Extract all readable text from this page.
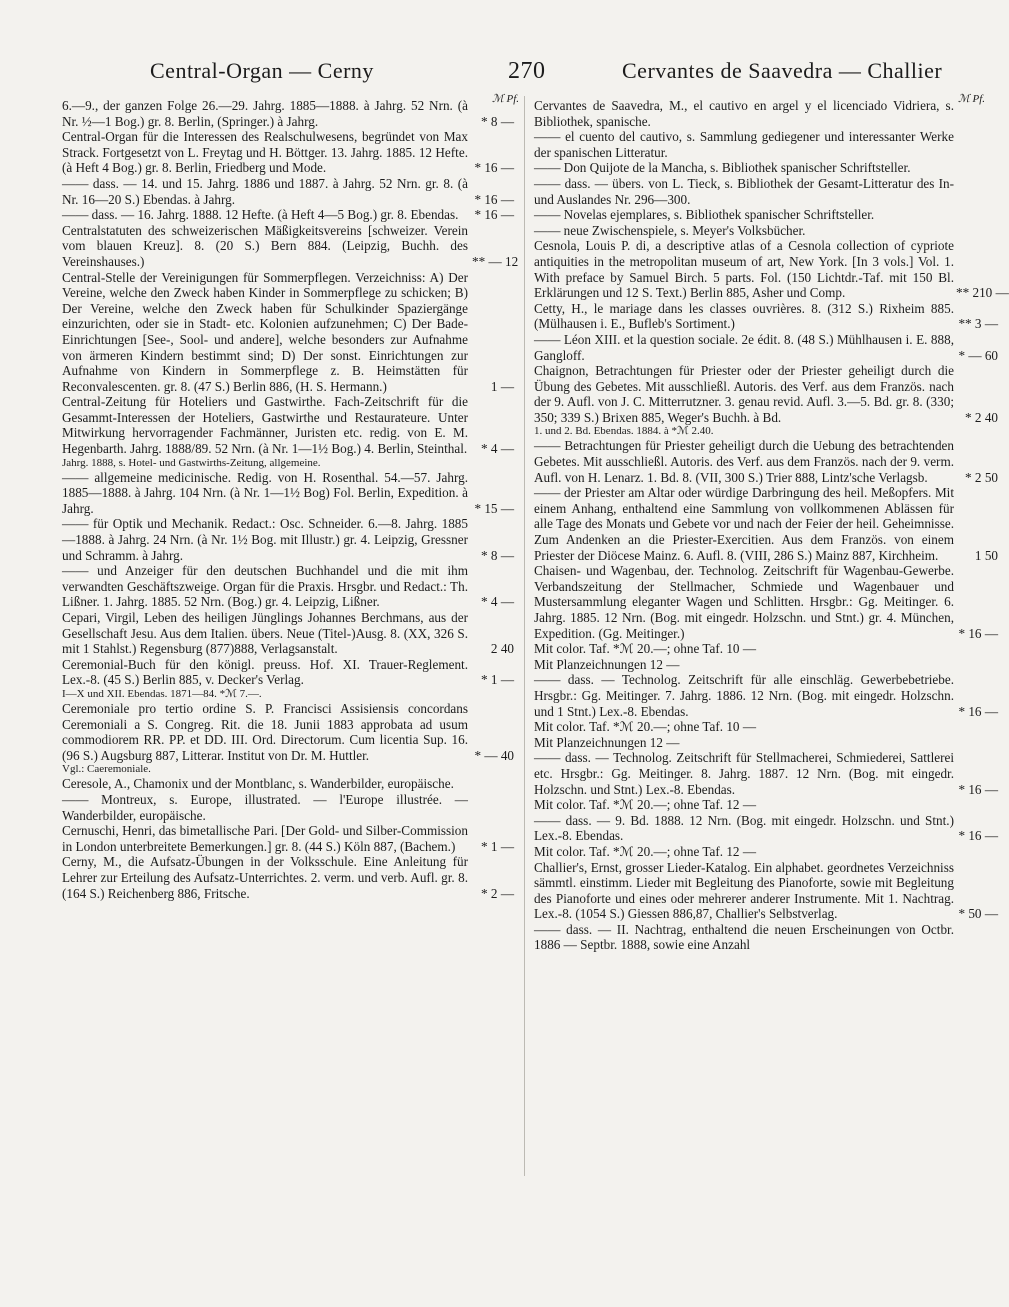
Central-Organ — Cerny	270	Cervantes de Saavedra — Challier
ℳ Pf.	ℳ Pf.
6.—9., der ganzen Folge 26.—29. Jahrg. 1885—1888. à Jahrg. 52 Nrn. (à Nr. ½—1 Bog.) gr. 8. Berlin, (Springer.) à Jahrg.	* 8 —
Central-Organ für die Interessen des Realschulwesens, begründet von Max Strack. Fortgesetzt von L. Freytag und H. Böttger. 13. Jahrg. 1885. 12 Hefte. (à Heft 4 Bog.) gr. 8. Berlin, Friedberg und Mode.	* 16 —
—— dass. — 14. und 15. Jahrg. 1886 und 1887. à Jahrg. 52 Nrn. gr. 8. (à Nr. 16—20 S.) Ebendas. à Jahrg.	* 16 —
—— dass. — 16. Jahrg. 1888. 12 Hefte. (à Heft 4—5 Bog.) gr. 8. Ebendas.	* 16 —
Centralstatuten des schweizerischen Mäßigkeitsvereins [schweizer. Verein vom blauen Kreuz]. 8. (20 S.) Bern 884. (Leipzig, Buchh. des Vereinshauses.)	** — 12
Central-Stelle der Vereinigungen für Sommerpflegen. Verzeichniss: A) Der Vereine, welche den Zweck haben Kinder in Sommerpflege zu schicken; B) Der Vereine, welche den Zweck haben für Schulkinder Spaziergänge einzurichten, oder sie in Stadt- etc. Kolonien aufzunehmen; C) Der Bade-Einrichtungen [See-, Sool- und andere], welche besonders zur Aufnahme von ärmeren Kindern bestimmt sind; D) Der sonst. Einrichtungen zur Aufnahme von Kindern in Sommerpflege z. B. Heimstätten für Reconvalescenten. gr. 8. (47 S.) Berlin 886, (H. S. Hermann.)	1 —
Central-Zeitung für Hoteliers und Gastwirthe. Fach-Zeitschrift für die Gesammt-Interessen der Hoteliers, Gastwirthe und Restaurateure. Unter Mitwirkung hervorragender Fachmänner, Juristen etc. redig. von E. M. Hegenbarth. Jahrg. 1888/89. 52 Nrn. (à Nr. 1—1½ Bog.) 4. Berlin, Steinthal.	* 4 —
Jahrg. 1888, s. Hotel- und Gastwirths-Zeitung, allgemeine.
—— allgemeine medicinische. Redig. von H. Rosenthal. 54.—57. Jahrg. 1885—1888. à Jahrg. 104 Nrn. (à Nr. 1—1½ Bog) Fol. Berlin, Expedition. à Jahrg.	* 15 —
—— für Optik und Mechanik. Redact.: Osc. Schneider. 6.—8. Jahrg. 1885—1888. à Jahrg. 24 Nrn. (à Nr. 1½ Bog. mit Illustr.) gr. 4. Leipzig, Gressner und Schramm. à Jahrg.	* 8 —
—— und Anzeiger für den deutschen Buchhandel und die mit ihm verwandten Geschäftszweige. Organ für die Praxis. Hrsgbr. und Redact.: Th. Lißner. 1. Jahrg. 1885. 52 Nrn. (Bog.) gr. 4. Leipzig, Lißner.	* 4 —
Cepari, Virgil, Leben des heiligen Jünglings Johannes Berchmans, aus der Gesellschaft Jesu. Aus dem Italien. übers. Neue (Titel-)Ausg. 8. (XX, 326 S. mit 1 Stahlst.) Regensburg (877)888, Verlagsanstalt.	2 40
Ceremonial-Buch für den königl. preuss. Hof. XI. Trauer-Reglement. Lex.-8. (45 S.) Berlin 885, v. Decker's Verlag.	* 1 —
I—X und XII. Ebendas. 1871—84. *ℳ 7.—.
Ceremoniale pro tertio ordine S. P. Francisci Assisiensis concordans Ceremoniali a S. Congreg. Rit. die 18. Junii 1883 approbata ad usum commodiorem RR. PP. et DD. III. Ord. Directorum. Cum licentia Sup. 16. (96 S.) Augsburg 887, Litterar. Institut von Dr. M. Huttler.	* — 40
Vgl.: Caeremoniale.
Ceresole, A., Chamonix und der Montblanc, s. Wanderbilder, europäische.
—— Montreux, s. Europe, illustrated. — l'Europe illustrée. — Wanderbilder, europäische.
Cernuschi, Henri, das bimetallische Pari. [Der Gold- und Silber-Commission in London unterbreitete Bemerkungen.] gr. 8. (44 S.) Köln 887, (Bachem.)	* 1 —
Cerny, M., die Aufsatz-Übungen in der Volksschule. Eine Anleitung für Lehrer zur Erteilung des Aufsatz-Unterrichtes. 2. verm. und verb. Aufl. gr. 8. (164 S.) Reichenberg 886, Fritsche.	* 2 —
Cervantes de Saavedra, M., el cautivo en argel y el licenciado Vidriera, s. Bibliothek, spanische.
—— el cuento del cautivo, s. Sammlung gediegener und interessanter Werke der spanischen Litteratur.
—— Don Quijote de la Mancha, s. Bibliothek spanischer Schriftsteller.
—— dass. — übers. von L. Tieck, s. Bibliothek der Gesamt-Litteratur des In- und Auslandes Nr. 296—300.
—— Novelas ejemplares, s. Bibliothek spanischer Schriftsteller.
—— neue Zwischenspiele, s. Meyer's Volksbücher.
Cesnola, Louis P. di, a descriptive atlas of a Cesnola collection of cypriote antiquities in the metropolitan museum of art, New York. [In 3 vols.] Vol. 1. With preface by Samuel Birch. 5 parts. Fol. (150 Lichtdr.-Taf. mit 150 Bl. Erklärungen und 12 S. Text.) Berlin 885, Asher und Comp.	** 210 —
Cetty, H., le mariage dans les classes ouvrières. 8. (312 S.) Rixheim 885. (Mülhausen i. E., Bufleb's Sortiment.)	** 3 —
—— Léon XIII. et la question sociale. 2e édit. 8. (48 S.) Mühlhausen i. E. 888, Gangloff.	* — 60
Chaignon, Betrachtungen für Priester oder der Priester geheiligt durch die Übung des Gebetes. Mit ausschließl. Autoris. des Verf. aus dem Französ. nach der 9. Aufl. von J. C. Mitterrutzner. 3. genau revid. Aufl. 3.—5. Bd. gr. 8. (330; 350; 339 S.) Brixen 885, Weger's Buchh. à Bd.	* 2 40
1. und 2. Bd. Ebendas. 1884. à *ℳ 2.40.
—— Betrachtungen für Priester geheiligt durch die Uebung des betrachtenden Gebetes. Mit ausschließl. Autoris. des Verf. aus dem Französ. nach der 9. verm. Aufl. von H. Lenarz. 1. Bd. 8. (VII, 300 S.) Trier 888, Lintz'sche Verlagsb.	* 2 50
—— der Priester am Altar oder würdige Darbringung des heil. Meßopfers. Mit einem Anhang, enthaltend eine Sammlung von vollkommenen Ablässen für alle Tage des Monats und Gebete vor und nach der Feier der heil. Geheimnisse. Zum Andenken an die Priester-Exercitien. Aus dem Französ. von einem Priester der Diöcese Mainz. 6. Aufl. 8. (VIII, 286 S.) Mainz 887, Kirchheim.	1 50
Chaisen- und Wagenbau, der. Technolog. Zeitschrift für Wagenbau-Gewerbe. Verbandszeitung der Stellmacher, Schmiede und Wagenbauer und Mustersammlung eleganter Wagen und Schlitten. Hrsgbr.: Gg. Meitinger. 6. Jahrg. 1885. 12 Nrn. (Bog. mit eingedr. Holzschn. und Stnt.) gr. 4. München, Expedition. (Gg. Meitinger.)	* 16 —
Mit color. Taf. *ℳ 20.—; ohne Taf. 10 —
Mit Planzeichnungen 12 —
—— dass. — Technolog. Zeitschrift für alle einschläg. Gewerbebetriebe. Hrsgbr.: Gg. Meitinger. 7. Jahrg. 1886. 12 Nrn. (Bog. mit eingedr. Holzschn. und 1 Stnt.) Lex.-8. Ebendas.	* 16 —
Mit color. Taf. *ℳ 20.—; ohne Taf. 10 —
Mit Planzeichnungen 12 —
—— dass. — Technolog. Zeitschrift für Stellmacherei, Schmiederei, Sattlerei etc. Hrsgbr.: Gg. Meitinger. 8. Jahrg. 1887. 12 Nrn. (Bog. mit eingedr. Holzschn. und Stnt.) Lex.-8. Ebendas.	* 16 —
Mit color. Taf. *ℳ 20.—; ohne Taf. 12 —
—— dass. — 9. Bd. 1888. 12 Nrn. (Bog. mit eingedr. Holzschn. und Stnt.) Lex.-8. Ebendas.	* 16 —
Mit color. Taf. *ℳ 20.—; ohne Taf. 12 —
Challier's, Ernst, grosser Lieder-Katalog. Ein alphabet. geordnetes Verzeichniss sämmtl. einstimm. Lieder mit Begleitung des Pianoforte, sowie mit Begleitung des Pianoforte und eines oder mehrerer anderer Instrumente. Mit 1. Nachtrag. Lex.-8. (1054 S.) Giessen 886,87, Challier's Selbstverlag.	* 50 —
—— dass. — II. Nachtrag, enthaltend die neuen Erscheinungen von Octbr. 1886 — Septbr. 1888, sowie eine Anzahl
